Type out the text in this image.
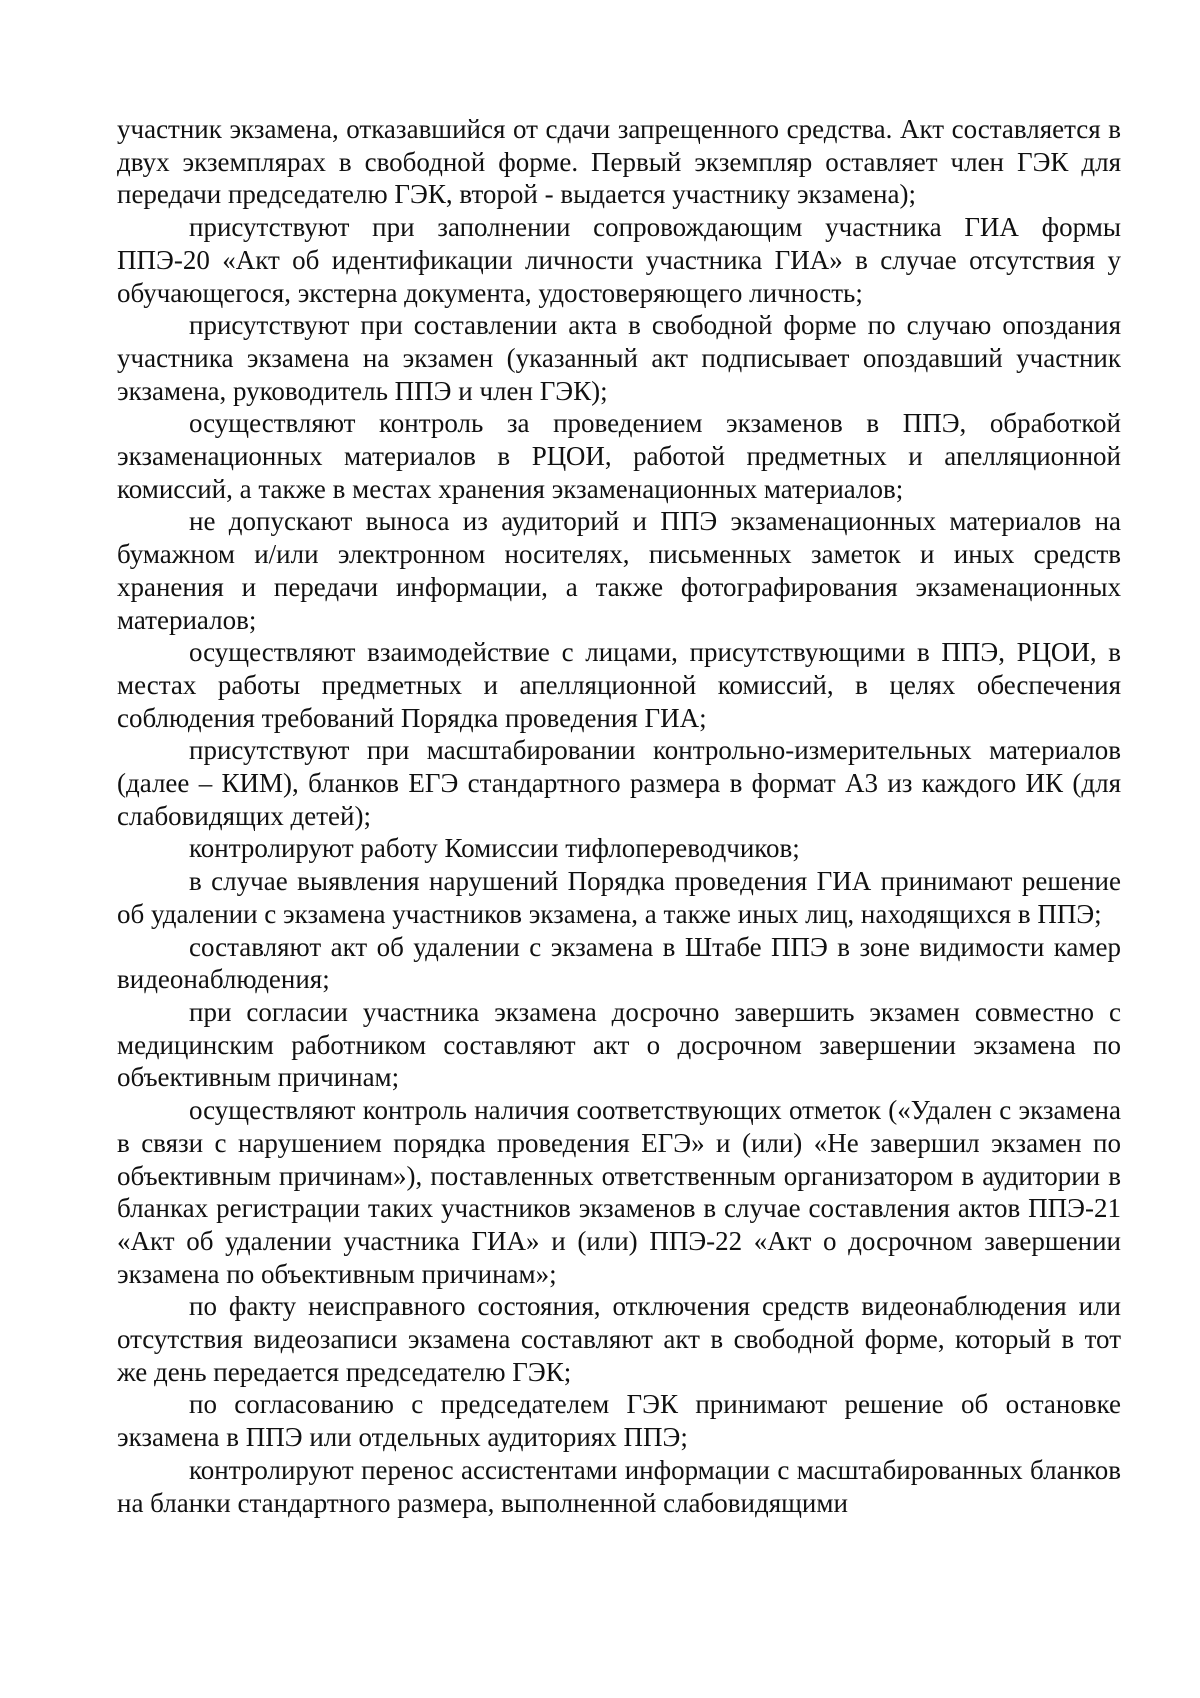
участник экзамена, отказавшийся от сдачи запрещенного средства. Акт составляется в двух экземплярах в свободной форме. Первый экземпляр оставляет член ГЭК для передачи председателю ГЭК, второй - выдается участнику экзамена);

присутствуют при заполнении сопровождающим участника ГИА формы ППЭ-20 «Акт об идентификации личности участника ГИА» в случае отсутствия у обучающегося, экстерна документа, удостоверяющего личность;

присутствуют при составлении акта в свободной форме по случаю опоздания участника экзамена на экзамен (указанный акт подписывает опоздавший участник экзамена, руководитель ППЭ и член ГЭК);

осуществляют контроль за проведением экзаменов в ППЭ, обработкой экзаменационных материалов в РЦОИ, работой предметных и апелляционной комиссий, а также в местах хранения экзаменационных материалов;

не допускают выноса из аудиторий и ППЭ экзаменационных материалов на бумажном и/или электронном носителях, письменных заметок и иных средств хранения и передачи информации, а также фотографирования экзаменационных материалов;

осуществляют взаимодействие с лицами, присутствующими в ППЭ, РЦОИ, в местах работы предметных и апелляционной комиссий, в целях обеспечения соблюдения требований Порядка проведения ГИА;

присутствуют при масштабировании контрольно-измерительных материалов (далее – КИМ), бланков ЕГЭ стандартного размера в формат А3 из каждого ИК (для слабовидящих детей);

контролируют работу Комиссии тифлопереводчиков;

в случае выявления нарушений Порядка проведения ГИА принимают решение об удалении с экзамена участников экзамена, а также иных лиц, находящихся в ППЭ;

составляют акт об удалении с экзамена в Штабе ППЭ в зоне видимости камер видеонаблюдения;

при согласии участника экзамена досрочно завершить экзамен совместно с медицинским работником составляют акт о досрочном завершении экзамена по объективным причинам;

осуществляют контроль наличия соответствующих отметок («Удален с экзамена в связи с нарушением порядка проведения ЕГЭ» и (или) «Не завершил экзамен по объективным причинам»), поставленных ответственным организатором в аудитории в бланках регистрации таких участников экзаменов в случае составления актов ППЭ-21 «Акт об удалении участника ГИА» и (или) ППЭ-22 «Акт о досрочном завершении экзамена по объективным причинам»;

по факту неисправного состояния, отключения средств видеонаблюдения или отсутствия видеозаписи экзамена составляют акт в свободной форме, который в тот же день передается председателю ГЭК;

по согласованию с председателем ГЭК принимают решение об остановке экзамена в ППЭ или отдельных аудиториях ППЭ;

контролируют перенос ассистентами информации с масштабированных бланков на бланки стандартного размера, выполненной слабовидящими
